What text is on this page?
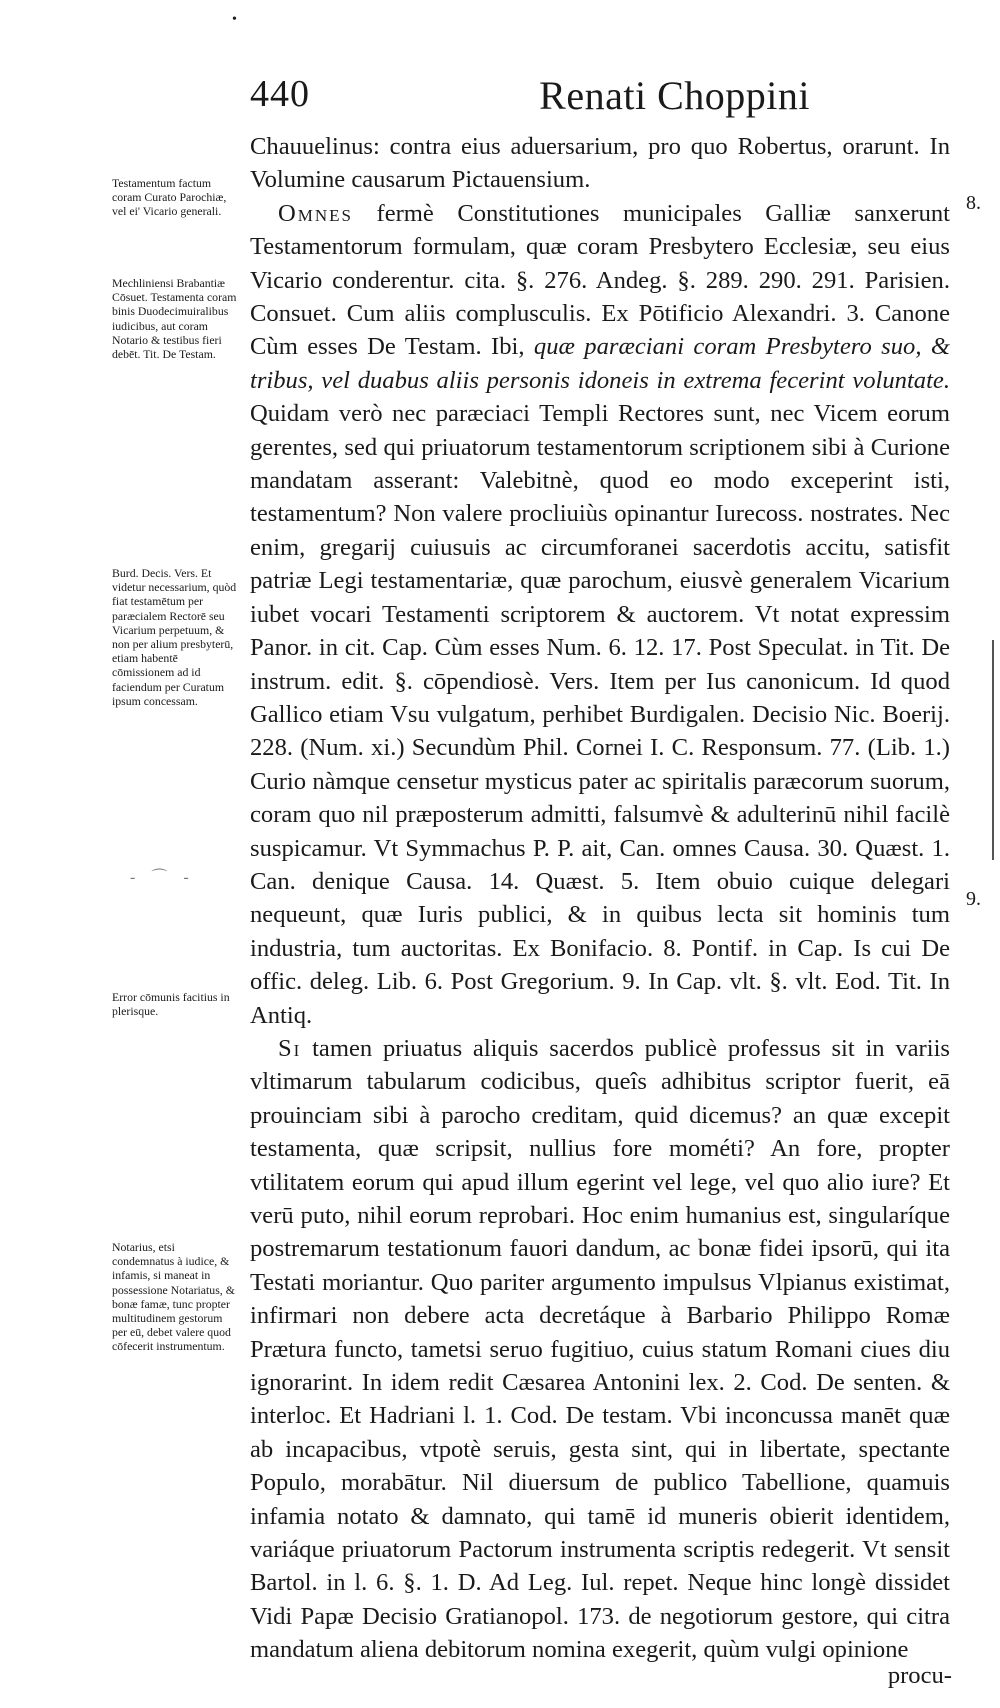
•
440	Renati Choppini
Testamentum factum coram Curato Parochiæ, vel ei' Vicario generali.
Mechliniensi Brabantiæ Cōsuet. Testamenta coram binis Duodecimuiralibus iudicibus, aut coram Notario & testibus fieri debēt. Tit. De Testam.
Burd. Decis. Vers. Et videtur necessarium, quòd fiat testamētum per paræcialem Rectorē seu Vicarium perpetuum, & non per alium presbyterū, etiam habentē cōmissionem ad id faciendum per Curatum ipsum concessam.
- ⌒ -
Error cōmunis facitius in plerisque.
Notarius, etsi condemnatus à iudice, & infamis, si maneat in possessione Notariatus, & bonæ famæ, tunc propter multitudinem gestorum per eū, debet valere quod cōfecerit instrumentum.
8.
9.

Chauuelinus: contra eius aduersarium, pro quo Robertus, orarunt. In Volumine causarum Pictauensium.

Omnes fermè Constitutiones municipales Galliæ sanxerunt Testamentorum formulam, quæ coram Presbytero Ecclesiæ, seu eius Vicario conderentur. cita. §. 276. Andeg. §. 289. 290. 291. Parisien. Consuet. Cum aliis complusculis. Ex Pōtificio Alexandri. 3. Canone Cùm esses De Testam. Ibi, quæ paræciani coram Presbytero suo, & tribus, vel duabus aliis personis idoneis in extrema fecerint voluntate. Quidam verò nec paræciaci Templi Rectores sunt, nec Vicem eorum gerentes, sed qui priuatorum testamentorum scriptionem sibi à Curione mandatam asserant: Valebitnè, quod eo modo exceperint isti, testamentum? Non valere procliuiùs opinantur Iurecoss. nostrates. Nec enim, gregarij cuiusuis ac circumforanei sacerdotis accitu, satisfit patriæ Legi testamentariæ, quæ parochum, eiusvè generalem Vicarium iubet vocari Testamenti scriptorem & auctorem. Vt notat expressim Panor. in cit. Cap. Cùm esses Num. 6. 12. 17. Post Speculat. in Tit. De instrum. edit. §. cōpendiosè. Vers. Item per Ius canonicum. Id quod Gallico etiam Vsu vulgatum, perhibet Burdigalen. Decisio Nic. Boerij. 228. (Num. xi.) Secundùm Phil. Cornei I. C. Responsum. 77. (Lib. 1.) Curio nàmque censetur mysticus pater ac spiritalis paræcorum suorum, coram quo nil præposterum admitti, falsumvè & adulterinū nihil facilè suspicamur. Vt Symmachus P. P. ait, Can. omnes Causa. 30. Quæst. 1. Can. denique Causa. 14. Quæst. 5. Item obuio cuique delegari nequeunt, quæ Iuris publici, & in quibus lecta sit hominis tum industria, tum auctoritas. Ex Bonifacio. 8. Pontif. in Cap. Is cui De offic. deleg. Lib. 6. Post Gregorium. 9. In Cap. vlt. §. vlt. Eod. Tit. In Antiq.

Si tamen priuatus aliquis sacerdos publicè professus sit in variis vltimarum tabularum codicibus, queîs adhibitus scriptor fuerit, eā prouinciam sibi à parocho creditam, quid dicemus? an quæ excepit testamenta, quæ scripsit, nullius fore mométi? An fore, propter vtilitatem eorum qui apud illum egerint vel lege, vel quo alio iure? Et verū puto, nihil eorum reprobari. Hoc enim humanius est, singularíque postremarum testationum fauori dandum, ac bonæ fidei ipsorū, qui ita Testati moriantur. Quo pariter argumento impulsus Vlpianus existimat, infirmari non debere acta decretáque à Barbario Philippo Romæ Prætura functo, tametsi seruo fugitiuo, cuius statum Romani ciues diu ignorarint. In idem redit Cæsarea Antonini lex. 2. Cod. De senten. & interloc. Et Hadriani l. 1. Cod. De testam. Vbi inconcussa manēt quæ ab incapacibus, vtpotè seruis, gesta sint, qui in libertate, spectante Populo, morabātur. Nil diuersum de publico Tabellione, quamuis infamia notato & damnato, qui tamē id muneris obierit identidem, variáque priuatorum Pactorum instrumenta scriptis redegerit. Vt sensit Bartol. in l. 6. §. 1. D. Ad Leg. Iul. repet. Neque hinc longè dissidet Vidi Papæ Decisio Gratianopol. 173. de negotiorum gestore, qui citra mandatum aliena debitorum nomina exegerit, quùm vulgi opinione

procu-
